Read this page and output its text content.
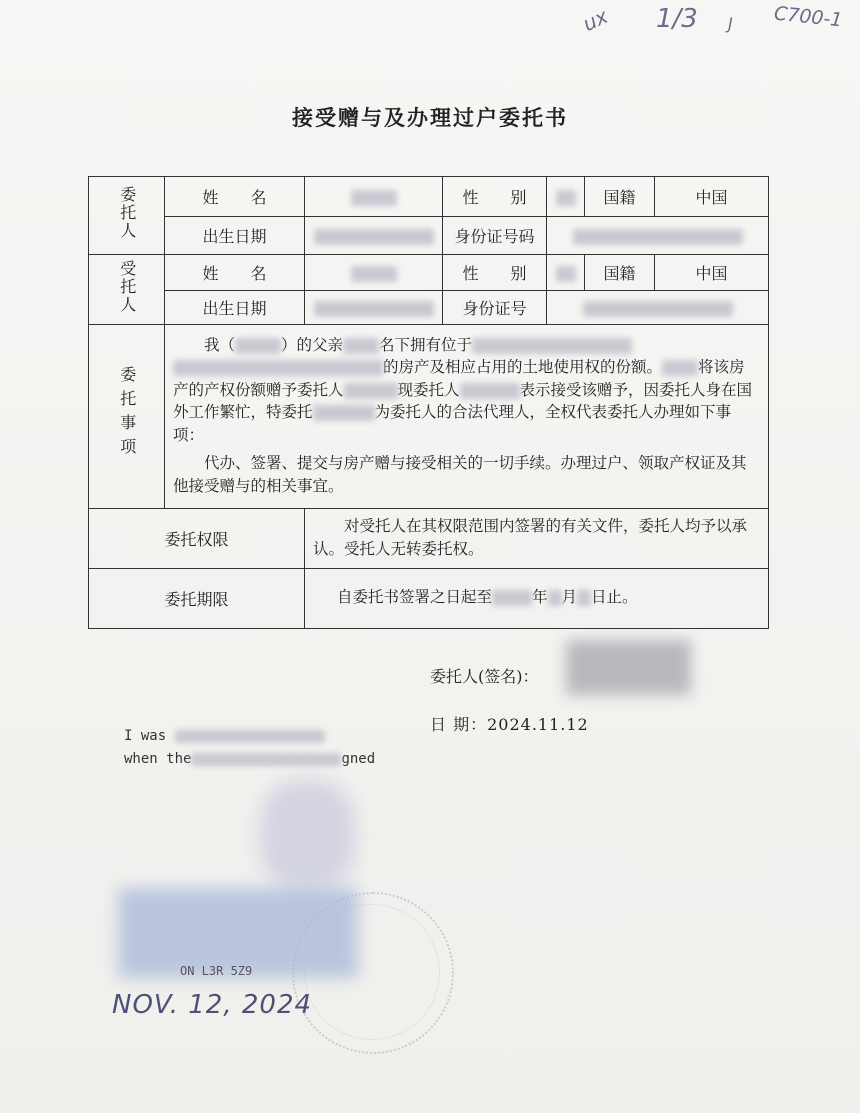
ux 1/3 J C700-1
接受赠与及办理过户委托书
委托人	姓　　名		性　　别		国籍	中国
	出生日期		身份证号码			
受托人	姓　　名		性　　别		国籍	中国
	出生日期		身份证号			
委托事项	我（ ）的父亲 名下拥有位于的房产及相应占用的土地使用权的份额。 将该房产的产权份额赠予委托人 现委托人 表示接受该赠予，因委托人身在国外工作繁忙，特委托 为委托人的合法代理人，全权代表委托人办理如下事项：

代办、签署、提交与房产赠与接受相关的一切手续。办理过户、领取产权证及其他接受赠与的相关事宜。					

委托权限		对受托人在其权限范围内签署的有关文件，委托人均予以承认。受托人无转委托权。				

委托期限		自委托书签署之日起至 年 月 日止。				
委托人(签名)：
日 期：2024.11.12
I was
when the	gned
ON L3R 5Z9
NOV. 12, 2024
